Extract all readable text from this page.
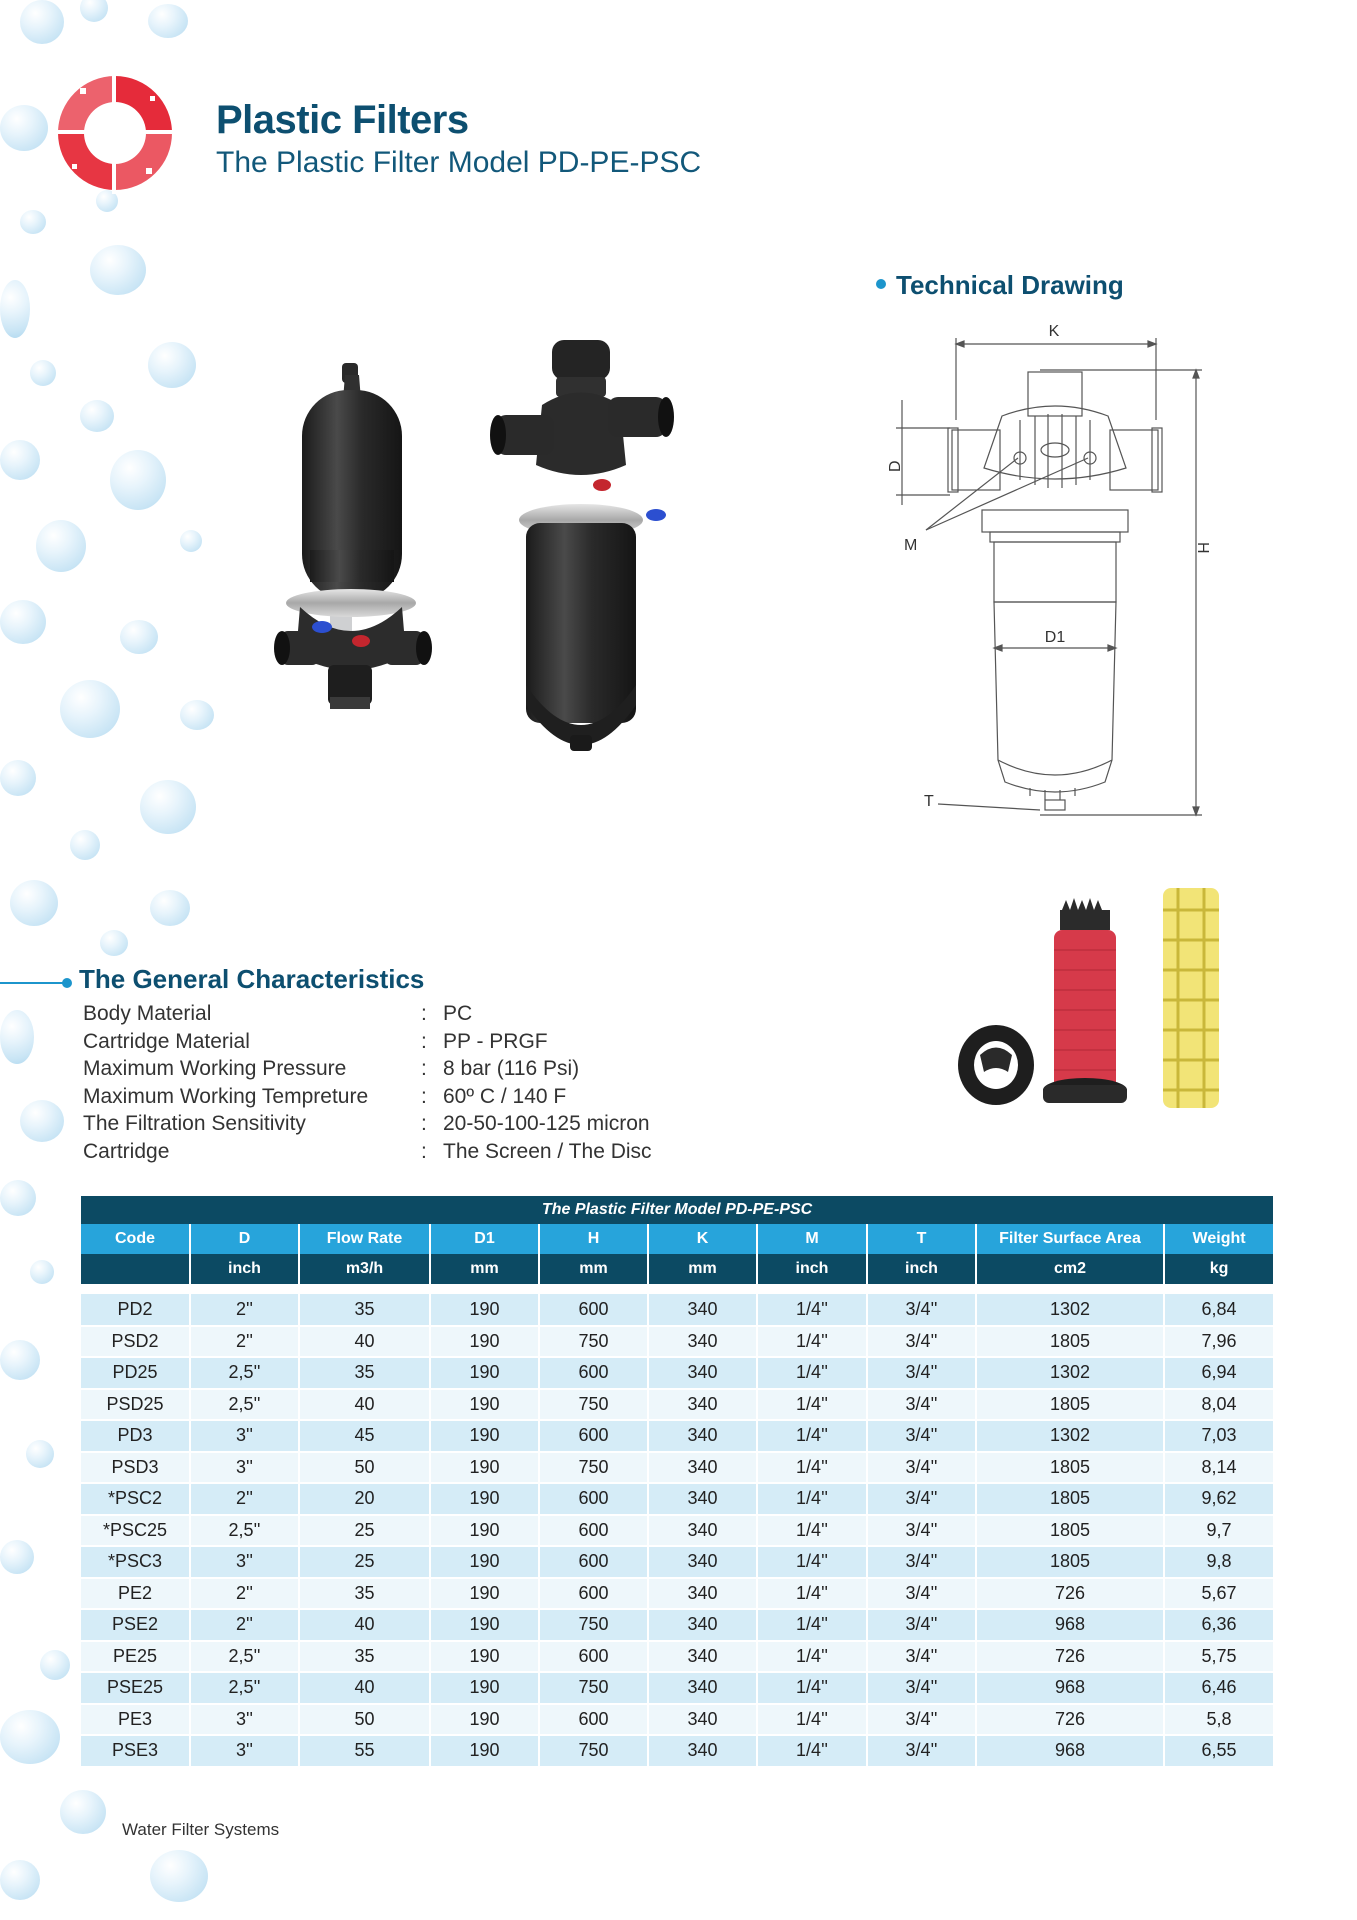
Plastic Filters
The Plastic Filter Model PD-PE-PSC
K
D
M	H
D1
T
Technical Drawing
The General Characteristics
Body Material	: PC
Cartridge Material	: PP - PRGF
Maximum Working Pressure	: 8 bar (116 Psi)
Maximum Working Tempreture	: 60º C / 140 F
The Filtration Sensitivity	: 20-50-100-125 micron
Cartridge	: The Screen / The Disc
The Plastic Filter Model PD-PE-PSC									
Code	D	Flow Rate	D1	H	K	M	T	Filter Surface Area	Weight
	inch	m3/h	mm	mm	mm	inch	inch	cm2	kg

PD2	2''	35	190	600	340	1/4''	3/4''	1302	6,84
PSD2	2''	40	190	750	340	1/4''	3/4''	1805	7,96
PD25	2,5''	35	190	600	340	1/4''	3/4''	1302	6,94
PSD25	2,5''	40	190	750	340	1/4''	3/4''	1805	8,04
PD3	3''	45	190	600	340	1/4''	3/4''	1302	7,03
PSD3	3''	50	190	750	340	1/4''	3/4''	1805	8,14
*PSC2	2''	20	190	600	340	1/4''	3/4''	1805	9,62
*PSC25	2,5''	25	190	600	340	1/4''	3/4''	1805	9,7
*PSC3	3''	25	190	600	340	1/4''	3/4''	1805	9,8
PE2	2''	35	190	600	340	1/4''	3/4''	726	5,67
PSE2	2''	40	190	750	340	1/4''	3/4''	968	6,36
PE25	2,5''	35	190	600	340	1/4''	3/4''	726	5,75
PSE25	2,5''	40	190	750	340	1/4''	3/4''	968	6,46
PE3	3''	50	190	600	340	1/4''	3/4''	726	5,8
PSE3	3''	55	190	750	340	1/4''	3/4''	968	6,55
Water Filter Systems
